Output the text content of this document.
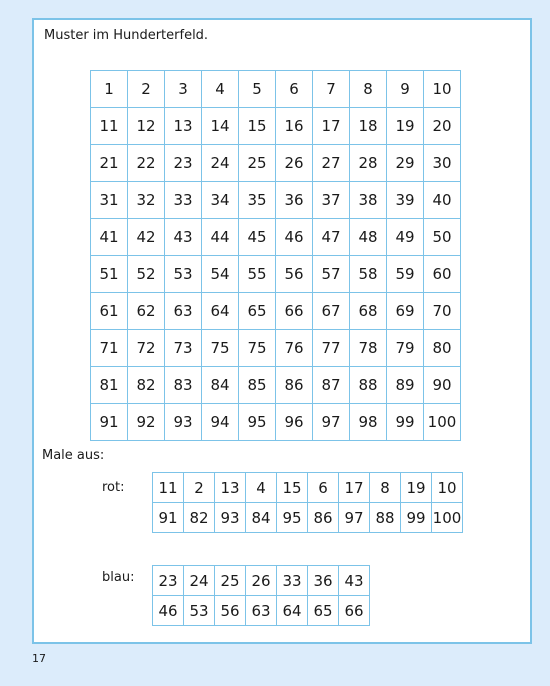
Muster im Hunderterfeld.
1	2	3	4	5	6	7	8	9	10
11	12	13	14	15	16	17	18	19	20
21	22	23	24	25	26	27	28	29	30
31	32	33	34	35	36	37	38	39	40
41	42	43	44	45	46	47	48	49	50
51	52	53	54	55	56	57	58	59	60
61	62	63	64	65	66	67	68	69	70
71	72	73	75	75	76	77	78	79	80
81	82	83	84	85	86	87	88	89	90
91	92	93	94	95	96	97	98	99	100
Male aus:
rot: 11	2	13	4	15	6	17	8	19	10
91	82	93	84	95	86	97	88	99	100
blau: 23	24	25	26	33	36	43
46	53	56	63	64	65	66
17
